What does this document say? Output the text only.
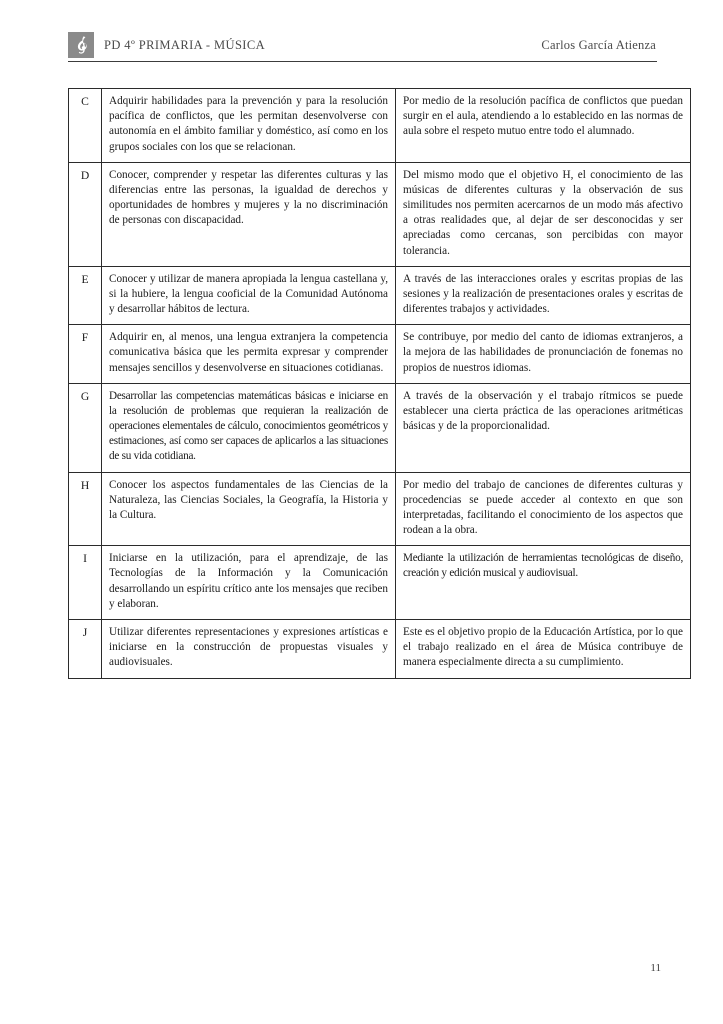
PD 4º PRIMARIA - MÚSICA	Carlos García Atienza
C	Adquirir habilidades para la prevención y para la resolución pacífica de conflictos, que les permitan desenvolverse con autonomía en el ámbito familiar y doméstico, así como en los grupos sociales con los que se relacionan.	Por medio de la resolución pacífica de conflictos que puedan surgir en el aula, atendiendo a lo establecido en las normas de aula sobre el respeto mutuo entre todo el alumnado.
D	Conocer, comprender y respetar las diferentes culturas y las diferencias entre las personas, la igualdad de derechos y oportunidades de hombres y mujeres y la no discriminación de personas con discapacidad.	Del mismo modo que el objetivo H, el conocimiento de las músicas de diferentes culturas y la observación de sus similitudes nos permiten acercarnos de un modo más afectivo a otras realidades que, al dejar de ser desconocidas y ser apreciadas como cercanas, son percibidas con mayor tolerancia.
E	Conocer y utilizar de manera apropiada la lengua castellana y, si la hubiere, la lengua cooficial de la Comunidad Autónoma y desarrollar hábitos de lectura.	A través de las interacciones orales y escritas propias de las sesiones y la realización de presentaciones orales y escritas de diferentes trabajos y actividades.
F	Adquirir en, al menos, una lengua extranjera la competencia comunicativa básica que les permita expresar y comprender mensajes sencillos y desenvolverse en situaciones cotidianas.	Se contribuye, por medio del canto de idiomas extranjeros, a la mejora de las habilidades de pronunciación de fonemas no propios de nuestros idiomas.
G	Desarrollar las competencias matemáticas básicas e iniciarse en la resolución de problemas que requieran la realización de operaciones elementales de cálculo, conocimientos geométricos y estimaciones, así como ser capaces de aplicarlos a las situaciones de su vida cotidiana.	A través de la observación y el trabajo rítmicos se puede establecer una cierta práctica de las operaciones aritméticas básicas y de la proporcionalidad.
H	Conocer los aspectos fundamentales de las Ciencias de la Naturaleza, las Ciencias Sociales, la Geografía, la Historia y la Cultura.	Por medio del trabajo de canciones de diferentes culturas y procedencias se puede acceder al contexto en que son interpretadas, facilitando el conocimiento de los aspectos que rodean a la obra.
I	Iniciarse en la utilización, para el aprendizaje, de las Tecnologías de la Información y la Comunicación desarrollando un espíritu crítico ante los mensajes que reciben y elaboran.	Mediante la utilización de herramientas tecnológicas de diseño, creación y edición musical y audiovisual.
J	Utilizar diferentes representaciones y expresiones artísticas e iniciarse en la construcción de propuestas visuales y audiovisuales.	Este es el objetivo propio de la Educación Artística, por lo que el trabajo realizado en el área de Música contribuye de manera especialmente directa a su cumplimiento.
11
